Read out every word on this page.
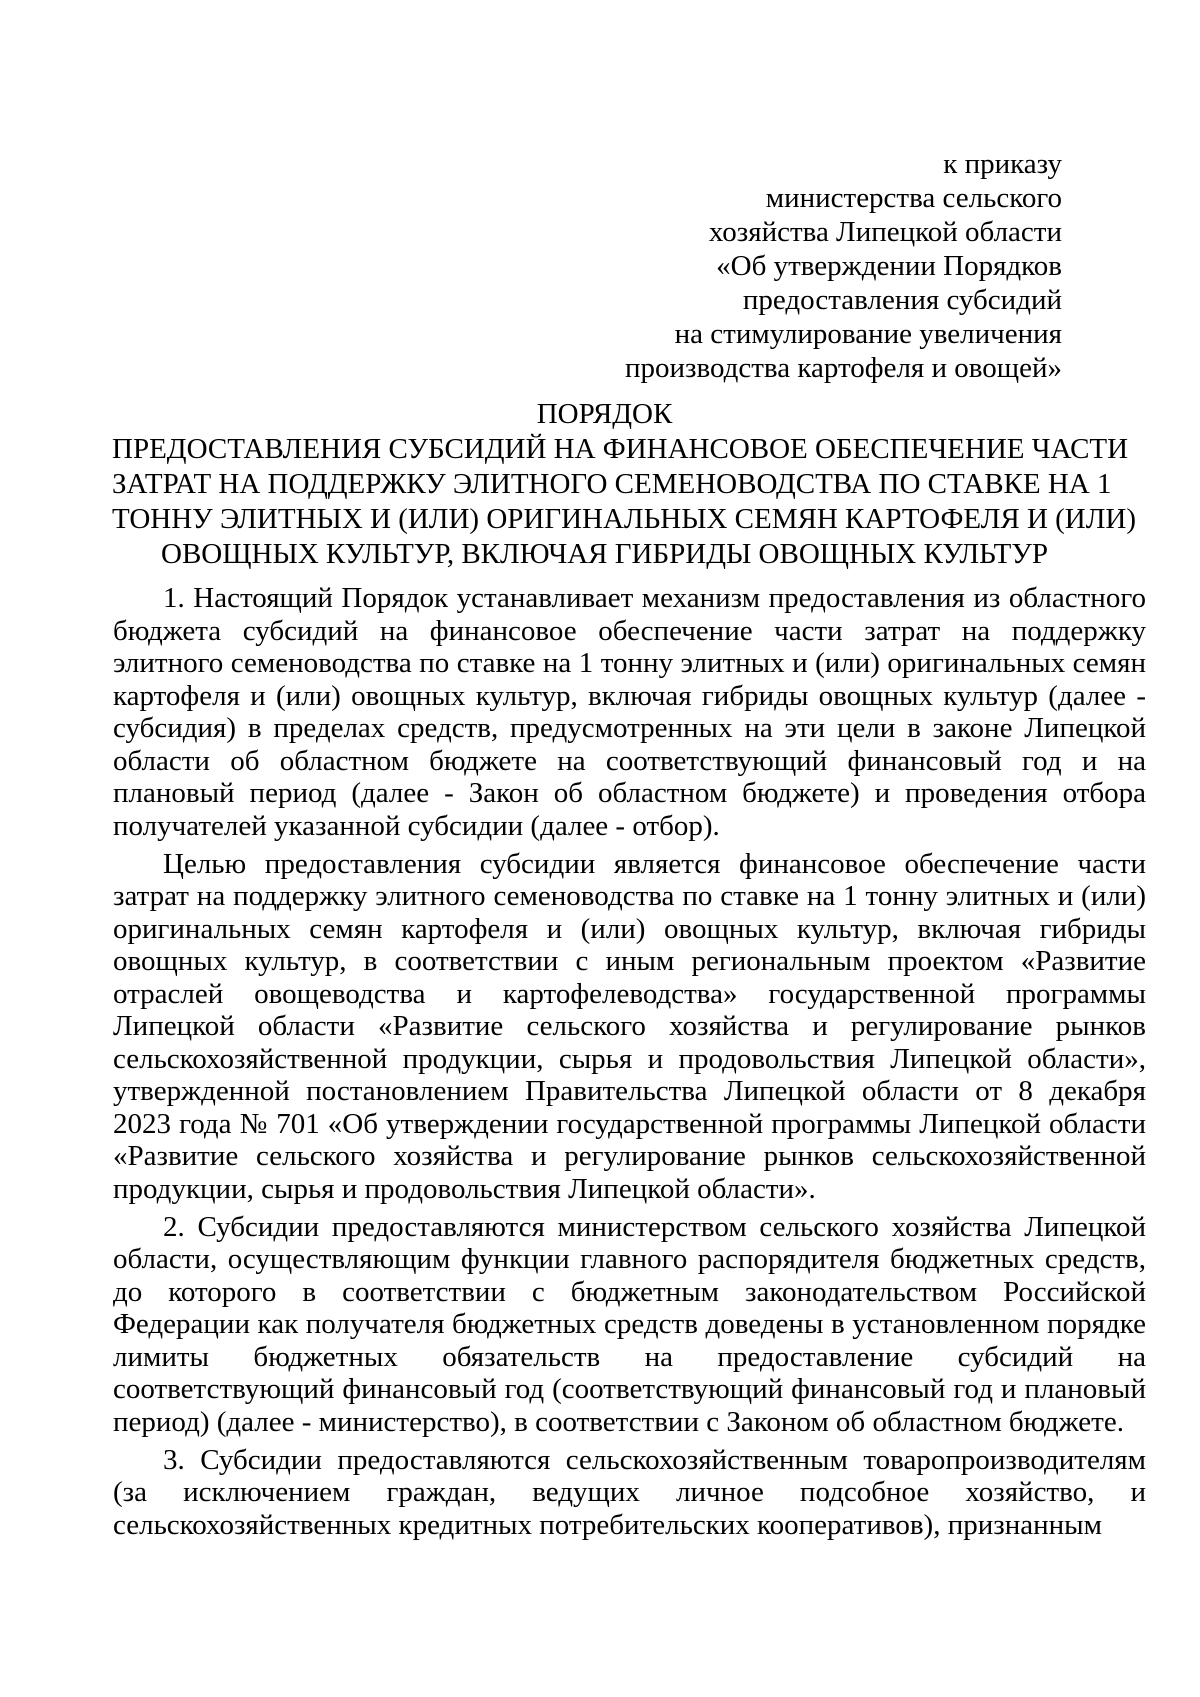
к приказу
министерства сельского
хозяйства Липецкой области
«Об утверждении Порядков
предоставления субсидий
на стимулирование увеличения
производства картофеля и овощей»
ПОРЯДОК
ПРЕДОСТАВЛЕНИЯ СУБСИДИЙ НА ФИНАНСОВОЕ ОБЕСПЕЧЕНИЕ ЧАСТИ
ЗАТРАТ НА ПОДДЕРЖКУ ЭЛИТНОГО СЕМЕНОВОДСТВА ПО СТАВКЕ НА 1
ТОННУ ЭЛИТНЫХ И (ИЛИ) ОРИГИНАЛЬНЫХ СЕМЯН КАРТОФЕЛЯ И (ИЛИ)
ОВОЩНЫХ КУЛЬТУР, ВКЛЮЧАЯ ГИБРИДЫ ОВОЩНЫХ КУЛЬТУР

1. Настоящий Порядок устанавливает механизм предоставления из областного бюджета субсидий на финансовое обеспечение части затрат на поддержку элитного семеноводства по ставке на 1 тонну элитных и (или) оригинальных семян картофеля и (или) овощных культур, включая гибриды овощных культур (далее - субсидия) в пределах средств, предусмотренных на эти цели в законе Липецкой области об областном бюджете на соответствующий финансовый год и на плановый период (далее - Закон об областном бюджете) и проведения отбора получателей указанной субсидии (далее - отбор).

Целью предоставления субсидии является финансовое обеспечение части затрат на поддержку элитного семеноводства по ставке на 1 тонну элитных и (или) оригинальных семян картофеля и (или) овощных культур, включая гибриды овощных культур, в соответствии с иным региональным проектом «Развитие отраслей овощеводства и картофелеводства» государственной программы Липецкой области «Развитие сельского хозяйства и регулирование рынков сельскохозяйственной продукции, сырья и продовольствия Липецкой области», утвержденной постановлением Правительства Липецкой области от 8 декабря 2023 года № 701 «Об утверждении государственной программы Липецкой области «Развитие сельского хозяйства и регулирование рынков сельскохозяйственной продукции, сырья и продовольствия Липецкой области».

2. Субсидии предоставляются министерством сельского хозяйства Липецкой области, осуществляющим функции главного распорядителя бюджетных средств, до которого в соответствии с бюджетным законодательством Российской Федерации как получателя бюджетных средств доведены в установленном порядке лимиты бюджетных обязательств на предоставление субсидий на соответствующий финансовый год (соответствующий финансовый год и плановый период) (далее - министерство), в соответствии с Законом об областном бюджете.

3. Субсидии предоставляются сельскохозяйственным товаропроизводителям (за исключением граждан, ведущих личное подсобное хозяйство, и сельскохозяйственных кредитных потребительских кооперативов), признанным
